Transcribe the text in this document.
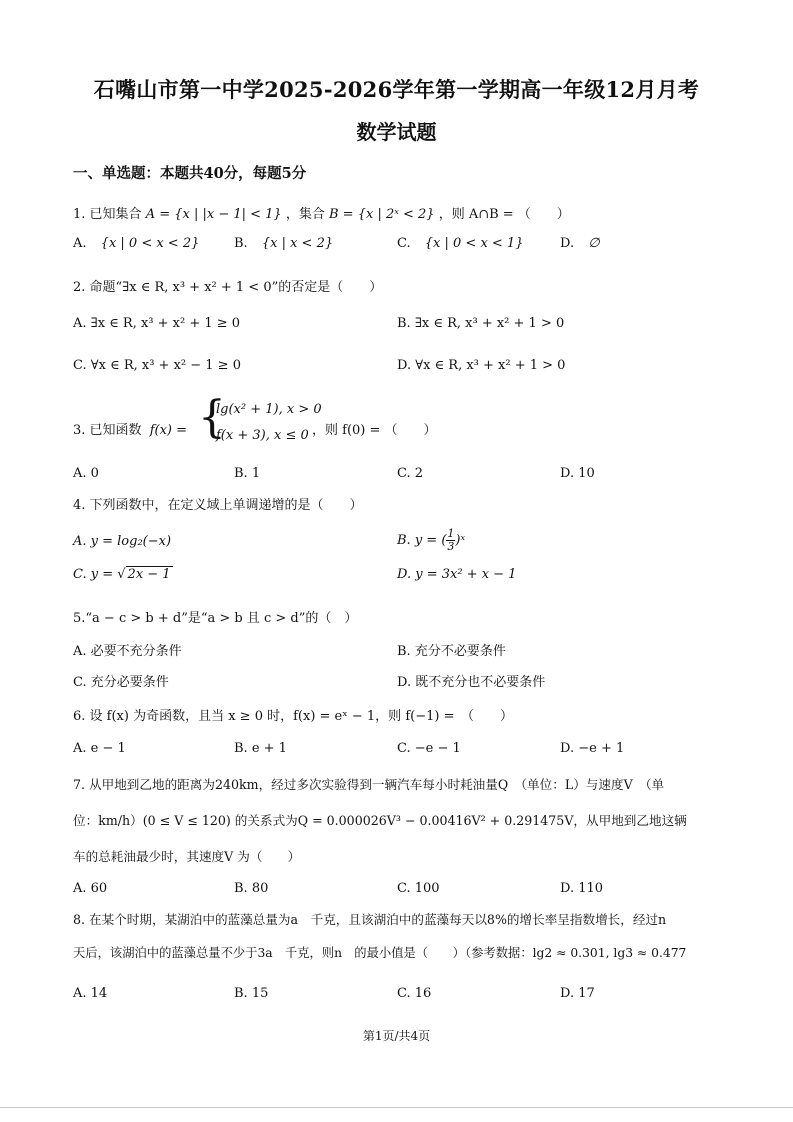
石嘴山市第一中学2025-2026学年第一学期高一年级12月月考
数学试题
一、单选题：本题共40分，每题5分
1. 已知集合 A = {x | |x − 1| < 1} ，集合 B = {x | 2ˣ < 2} ，则 A∩B = （　　）
A. {x | 0 < x < 2}	B. {x | x < 2}	C. {x | 0 < x < 1}	D. ∅
2. 命题“∃x ∈ R, x³ + x² + 1 < 0”的否定是（　　）
A. ∃x ∈ R, x³ + x² + 1 ≥ 0	B. ∃x ∈ R, x³ + x² + 1 > 0
C. ∀x ∈ R, x³ + x² − 1 ≥ 0	D. ∀x ∈ R, x³ + x² + 1 > 0
3. 已知函数 f(x) = {
lg(x² + 1), x > 0
f(x + 3), x ≤ 0 ，则 f(0) = （　　）
A. 0	B. 1	C. 2	D. 10
4. 下列函数中，在定义域上单调递增的是（　　）
A. y = log₂(−x)	B. y = ( $\frac{1}{3}$ )ˣ
C. y = √ 2x − 1	D. y = 3x² + x − 1
5.“a − c > b + d”是“a > b 且 c > d”的（　）
A. 必要不充分条件	B. 充分不必要条件
C. 充分必要条件	D. 既不充分也不必要条件
6. 设 f(x) 为奇函数，且当 x ≥ 0 时，f(x) = eˣ − 1，则 f(−1) =　（　　）
A. e − 1	B. e + 1	C. −e − 1	D. −e + 1
7. 从甲地到乙地的距离为240km，经过多次实验得到一辆汽车每小时耗油量Q　（单位：L）与速度V　（单
位：km/h）(0 ≤ V ≤ 120) 的关系式为Q = 0.000026V³ − 0.00416V² + 0.291475V，从甲地到乙地这辆
车的总耗油最少时，其速度V 为（　　）
A. 60	B. 80	C. 100	D. 110
8. 在某个时期，某湖泊中的蓝藻总量为a　千克，且该湖泊中的蓝藻每天以8%的增长率呈指数增长，经过n
天后，该湖泊中的蓝藻总量不少于3a　千克，则n　的最小值是（　　）（参考数据：lg2 ≈ 0.301, lg3 ≈ 0.477
A. 14	B. 15	C. 16	D. 17
第1页/共4页
